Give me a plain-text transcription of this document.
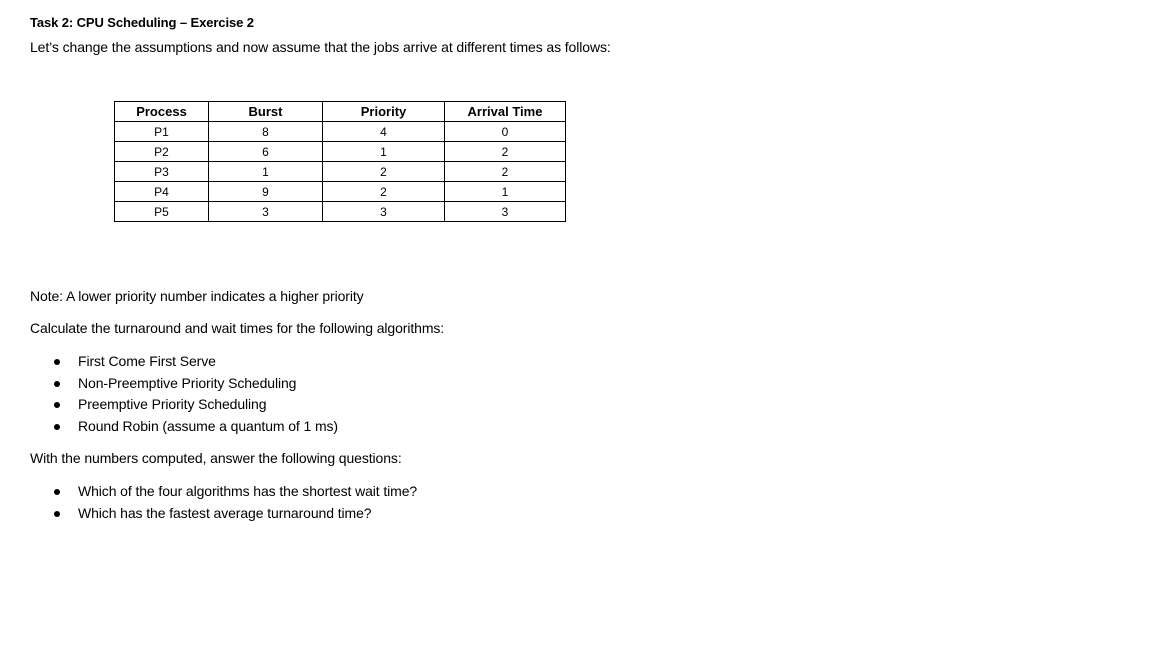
Task 2: CPU Scheduling – Exercise 2
Let’s change the assumptions and now assume that the jobs arrive at different times as follows:
Process	Burst	Priority	Arrival Time
P1	8	4	0
P2	6	1	2
P3	1	2	2
P4	9	2	1
P5	3	3	3
Note: A lower priority number indicates a higher priority
Calculate the turnaround and wait times for the following algorithms:
First Come First Serve
Non-Preemptive Priority Scheduling
Preemptive Priority Scheduling
Round Robin (assume a quantum of 1 ms)
With the numbers computed, answer the following questions:
Which of the four algorithms has the shortest wait time?
Which has the fastest average turnaround time?
